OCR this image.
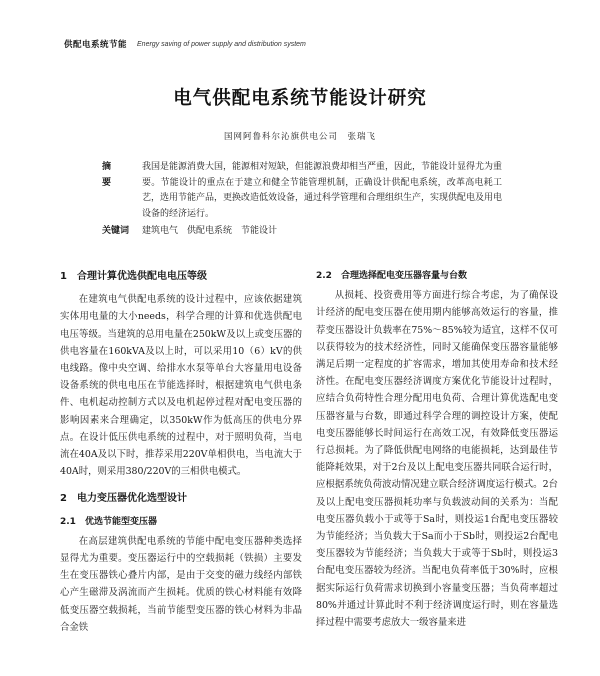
供配电系统节能 Energy saving of power supply and distribution system
电气供配电系统节能设计研究
国网阿鲁科尔沁旗供电公司　张瑞飞
摘　要
我国是能源消费大国，能源相对短缺，但能源浪费却相当严重，因此，节能设计显得尤为重要。节能设计的重点在于建立和健全节能管理机制，正确设计供配电系统，改革高电耗工艺，选用节能产品，更换改造低效设备，通过科学管理和合理组织生产，实现供配电及用电设备的经济运行。
关键词	建筑电气　供配电系统　节能设计
1　合理计算优选供配电电压等级

在建筑电气供配电系统的设计过程中，应该依据建筑实体用电量的大小needs，科学合理的计算和优选供配电电压等级。当建筑的总用电量在250kW及以上或变压器的供电容量在160kVA及以上时，可以采用10（6）kV的供电线路。像中央空调、给排水水泵等单台大容量用电设备设备系统的供电电压在节能选择时，根据建筑电气供电条件、电机起动控制方式以及电机起停过程对配电变压器的影响因素来合理确定，以350kW作为低高压的供电分界点。在设计低压供电系统的过程中，对于照明负荷，当电流在40A及以下时，推荐采用220V单相供电，当电流大于40A时，则采用380/220V的三相供电模式。

2　电力变压器优化选型设计
2.1　优选节能型变压器

在高层建筑供配电系统的节能中配电变压器种类选择显得尤为重要。变压器运行中的空载损耗（铁损）主要发生在变压器铁心叠片内部，是由于交变的磁力线经内部铁心产生磁滞及涡流而产生损耗。优质的铁心材料能有效降低变压器空载损耗，当前节能型变压器的铁心材料为非晶合金铁

2.2　合理选择配电变压器容量与台数

从损耗、投资费用等方面进行综合考虑，为了确保设计经济的配电变压器在使用期内能够高效运行的容量，推荐变压器设计负载率在75%～85%较为适宜，这样不仅可以获得较为的技术经济性，同时又能确保变压器容量能够满足后期一定程度的扩容需求，增加其使用寿命和技术经济性。在配电变压器经济调度方案优化节能设计过程时，应结合负荷特性合理分配用电负荷、合理计算优选配电变压器容量与台数，即通过科学合理的调控设计方案，使配电变压器能够长时间运行在高效工况，有效降低变压器运行总损耗。为了降低供配电网络的电能损耗，达到最佳节能降耗效果，对于2台及以上配电变压器共同联合运行时，应根据系统负荷波动情况建立联合经济调度运行模式。2台及以上配电变压器损耗功率与负载波动间的关系为：当配电变压器负载小于或等于Sa时，则投运1台配电变压器较为节能经济；当负载大于Sa而小于Sb时，则投运2台配电变压器较为节能经济；当负载大于或等于Sb时，则投运3台配电变压器较为经济。当配电负荷率低于30%时，应根据实际运行负荷需求切换到小容量变压器；当负荷率超过80%并通过计算此时不利于经济调度运行时，则在容量选择过程中需要考虑放大一级容量来进
